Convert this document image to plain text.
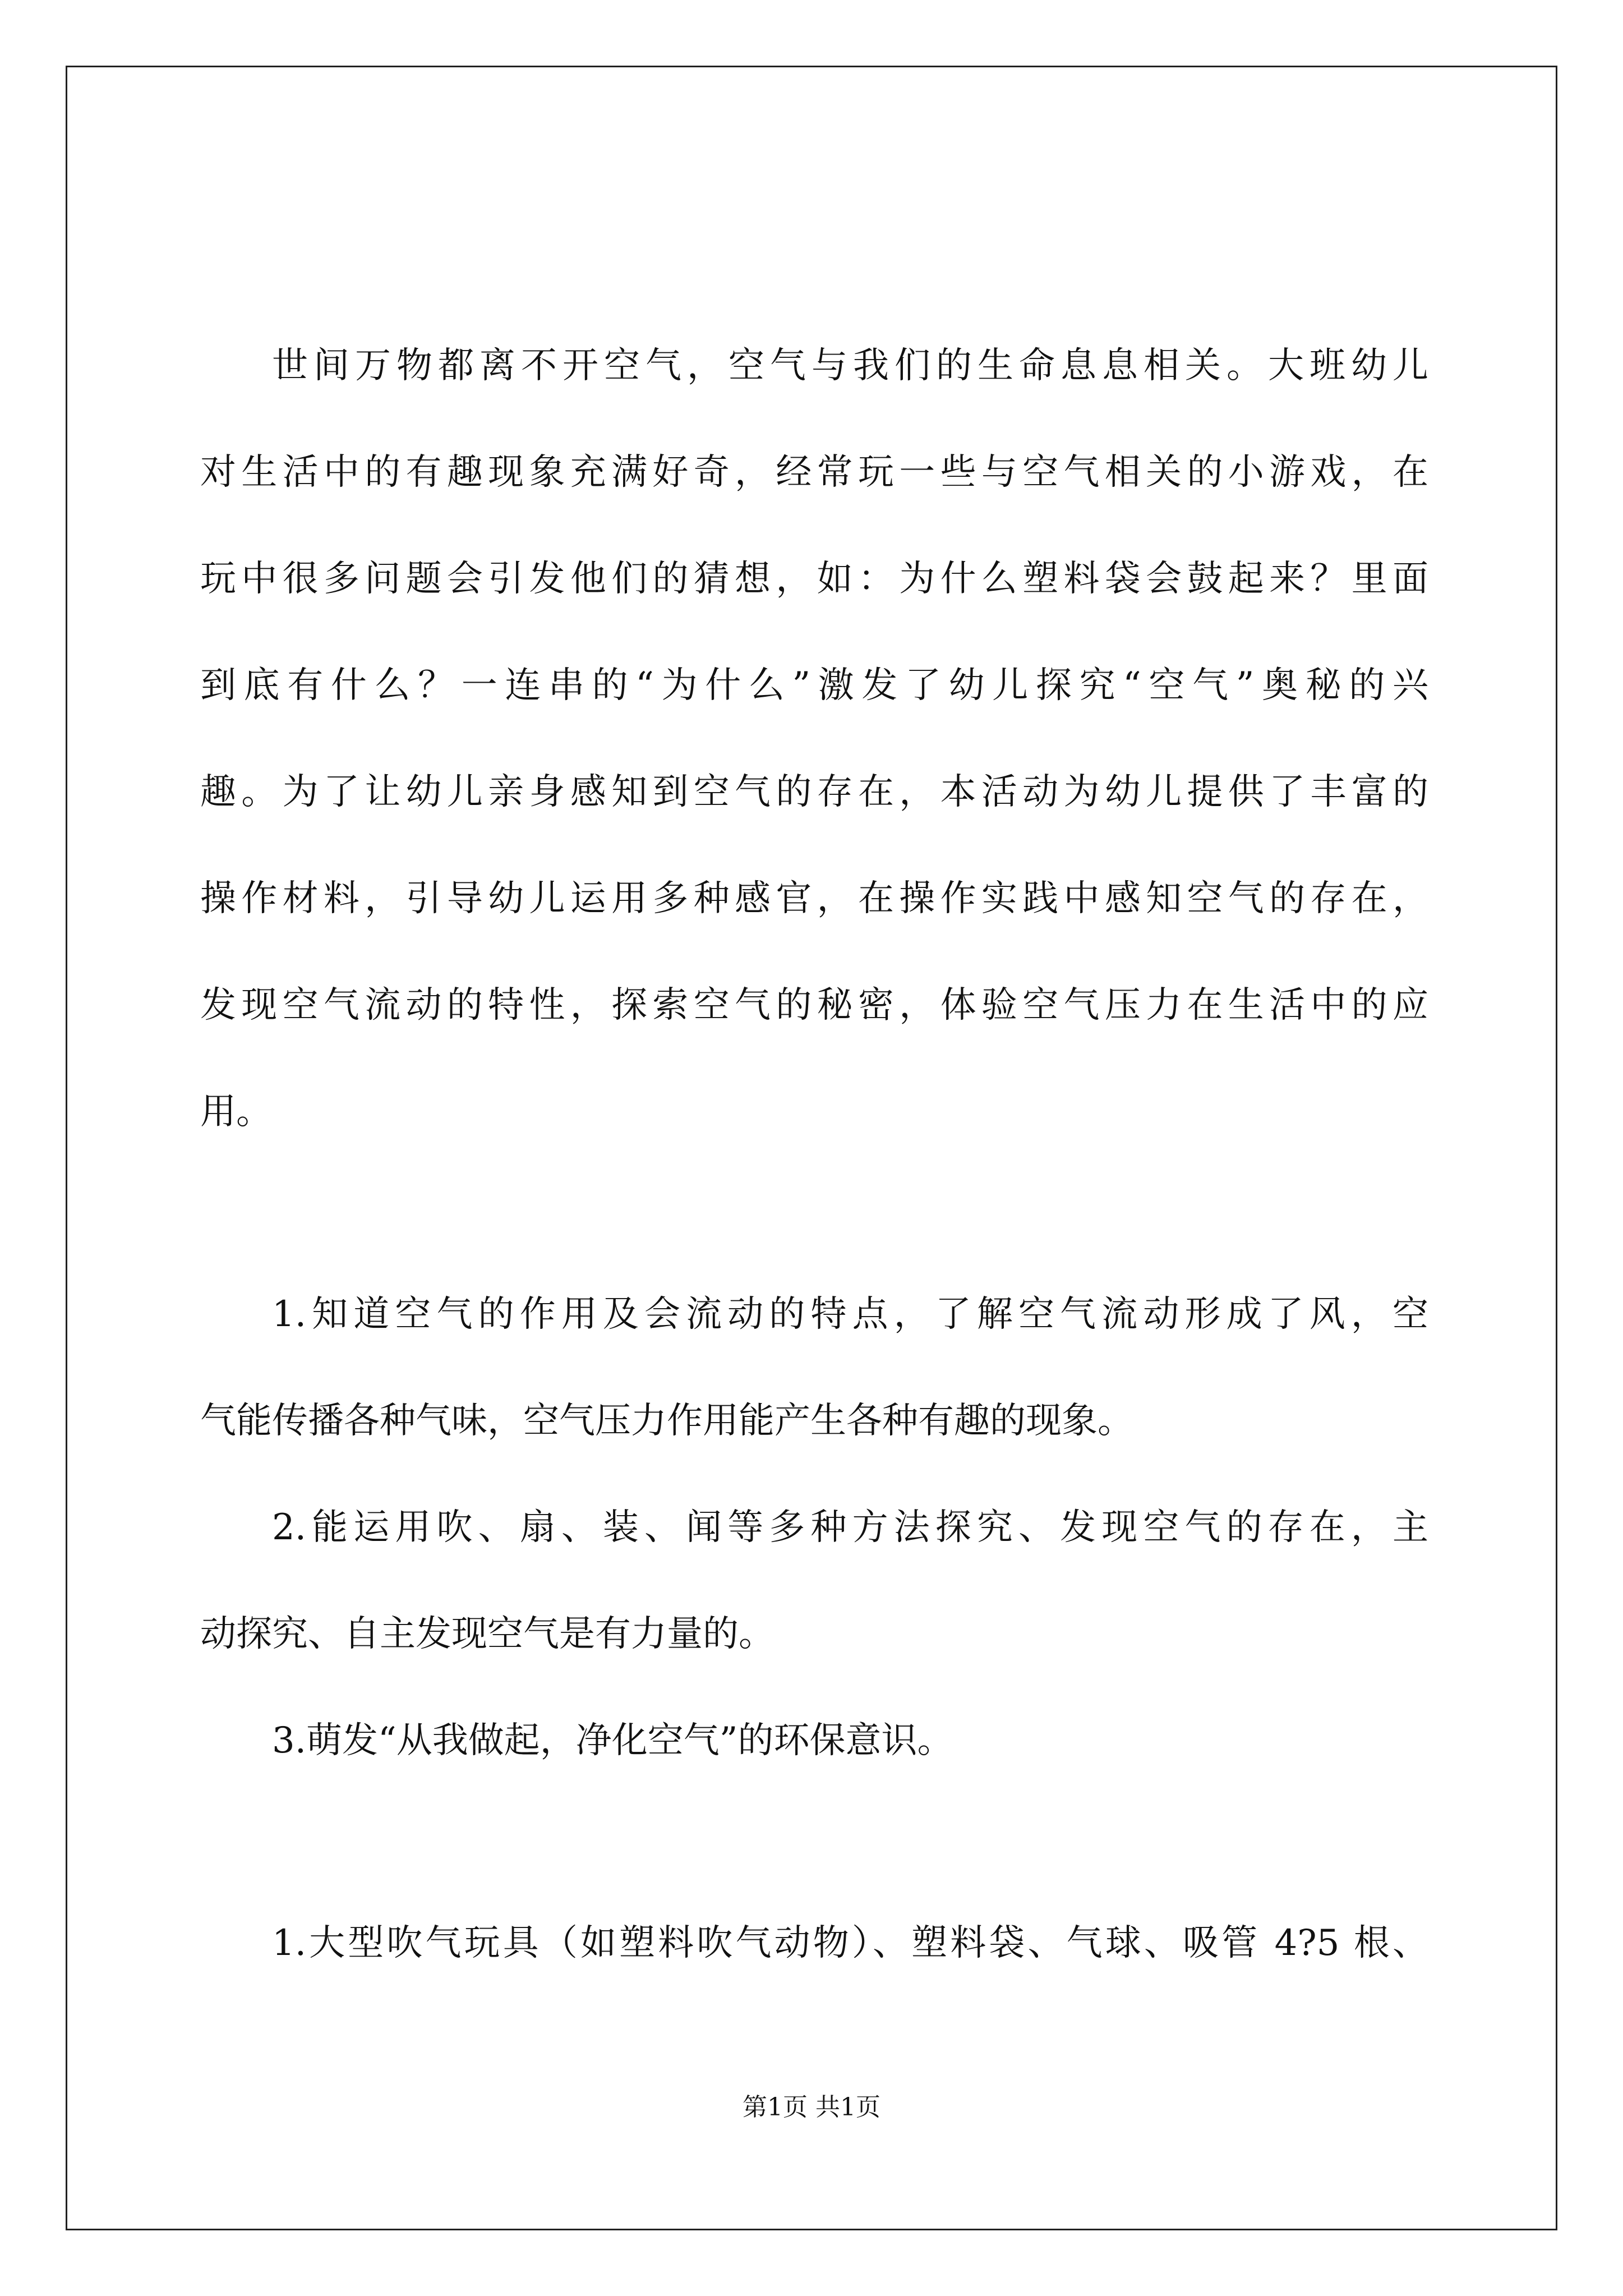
世间万物都离不开空气，空气与我们的生命息息相关。大班幼儿
对生活中的有趣现象充满好奇，经常玩一些与空气相关的小游戏，在
玩中很多问题会引发他们的猜想，如：为什么塑料袋会鼓起来？里面
到底有什么？一连串的“为什么”激发了幼儿探究“空气”奥秘的兴
趣。为了让幼儿亲身感知到空气的存在，本活动为幼儿提供了丰富的
操作材料，引导幼儿运用多种感官，在操作实践中感知空气的存在，
发现空气流动的特性，探索空气的秘密，体验空气压力在生活中的应
用。
1.知道空气的作用及会流动的特点，了解空气流动形成了风，空
气能传播各种气味，空气压力作用能产生各种有趣的现象。
2.能运用吹、扇、装、闻等多种方法探究、发现空气的存在，主
动探究、自主发现空气是有力量的。
3.萌发“从我做起，净化空气”的环保意识。
1.大型吹气玩具（如塑料吹气动物）、塑料袋、气球、吸管 4?5 根、
第1页 共1页
